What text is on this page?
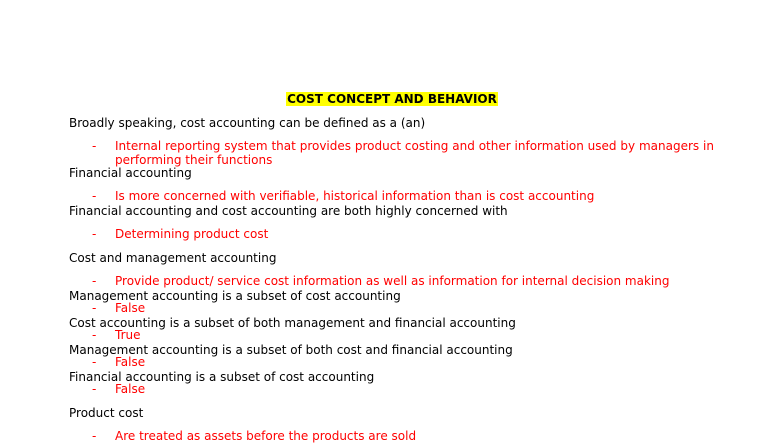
COST CONCEPT AND BEHAVIOR
Broadly speaking, cost accounting can be defined as a (an)
- Internal reporting system that provides product costing and other information used by managers in performing their functions
Financial accounting
- Is more concerned with verifiable, historical information than is cost accounting
Financial accounting and cost accounting are both highly concerned with
- Determining product cost
Cost and management accounting
- Provide product/ service cost information as well as information for internal decision making
Management accounting is a subset of cost accounting
- False
Cost accounting is a subset of both management and financial accounting
- True
Management accounting is a subset of both cost and financial accounting
- False
Financial accounting is a subset of cost accounting
- False
Product cost
- Are treated as assets before the products are sold
